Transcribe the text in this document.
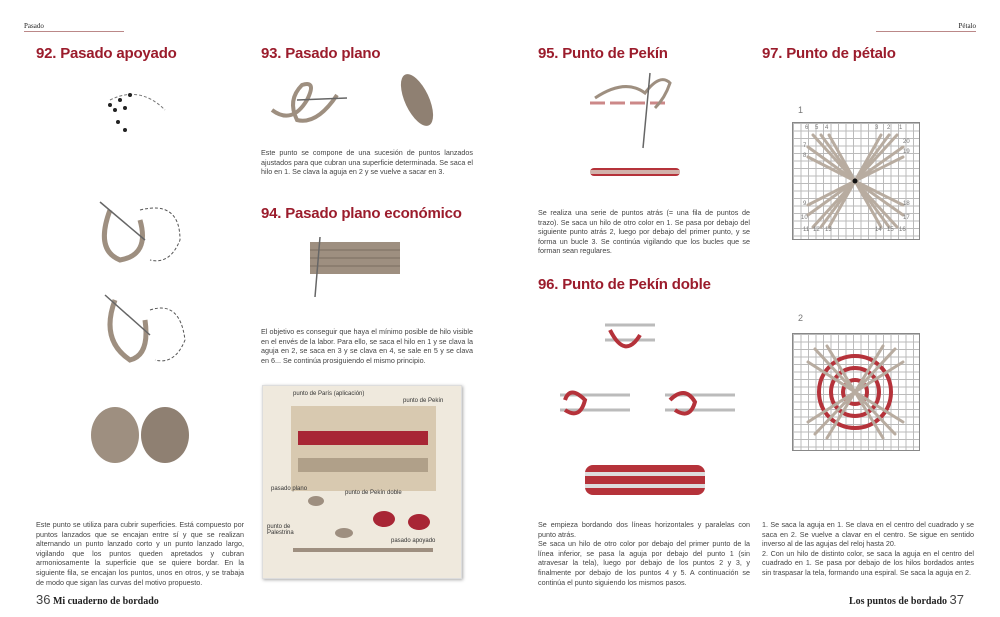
Pasado	Pétalo
92. Pasado apoyado	93. Pasado plano
94. Pasado plano económico
95. Punto de Pekín
96. Punto de Pekín doble
97. Punto de pétalo
Este punto se utiliza para cubrir superficies. Está compuesto por puntos lanzados que se encajan entre sí y que se realizan alternando un punto lanzado corto y un punto lanzado largo, vigilando que los puntos queden apretados y cubran armoniosamente la superficie que se quiere bordar. En la siguiente fila, se encajan los puntos, unos en otros, y se trabaja de modo que sigan las curvas del motivo propuesto.
Este punto se compone de una sucesión de puntos lanzados ajustados para que cubran una superficie determinada. Se saca el hilo en 1. Se clava la aguja en 2 y se vuelve a sacar en 3.
El objetivo es conseguir que haya el mínimo posible de hilo visible en el envés de la labor. Para ello, se saca el hilo en 1 y se clava la aguja en 2, se saca en 3 y se clava en 4, se sale en 5 y se clava en 6... Se continúa prosiguiendo el mismo principio.
Se realiza una serie de puntos atrás (= una fila de puntos de trazo). Se saca un hilo de otro color en 1. Se pasa por debajo del siguiente punto atrás 2, luego por debajo del primer punto, y se forma un bucle 3. Se continúa vigilando que los bucles que se forman sean regulares.
Se empieza bordando dos líneas horizontales y paralelas con punto atrás.
Se saca un hilo de otro color por debajo del primer punto de la línea inferior, se pasa la aguja por debajo del punto 1 (sin atravesar la tela), luego por debajo de los puntos 2 y 3, y finalmente por debajo de los puntos 4 y 5. A continuación se continúa el punto siguiendo los mismos pasos.
1. Se saca la aguja en 1. Se clava en el centro del cuadrado y se saca en 2. Se vuelve a clavar en el centro. Se sigue en sentido inverso al de las agujas del reloj hasta 20.
2. Con un hilo de distinto color, se saca la aguja en el centro del cuadrado en 1. Se pasa por debajo de los hilos bordados antes sin traspasar la tela, formando una espiral. Se saca la aguja en 2.
punto de París (aplicación)
punto de Pekín
pasado plano
punto de Pekín doble
punto de Palestrina
pasado apoyado
1
6 5 4	3 2 1
7
20
8
19
9	18
10	17
11 12 13	14 15 16
2
36 Mi cuaderno de bordado	Los puntos de bordado 37
